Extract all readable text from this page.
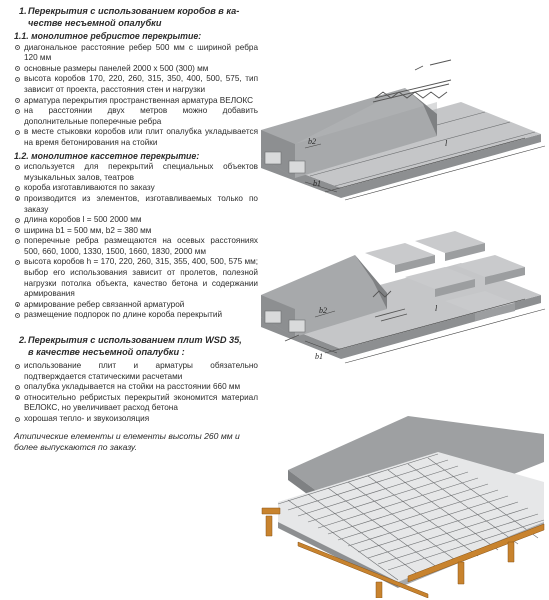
1.Перекрытия с использованием коробов в ка-
честве несъемной опалубки
1.1. монолитное ребристое перекрытие:
диагональное расстояние ребер 500 мм с шириной ребра 120 мм
основные размеры панелей 2000 х 500 (300) мм
высота коробов 170, 220, 260, 315, 350, 400, 500, 575, тип зависит от проекта, расстояния стен и нагрузки
арматура перекрытия пространственная арматура ВЕЛОКС
на расстоянии двух метров можно добавить дополнительные поперечные ребра
в месте стыковки коробов или плит опалубка укладывается на время бетонирования на стойки
1.2. монолитное кассетное перекрытие:
используется для перекрытий специальных объектов музыкальных залов, театров
короба изготавливаются по заказу
производится из элементов, изготавливаемых только по заказу
длина коробов l = 500 2000 мм
ширина b1 = 500 мм, b2 = 380 мм
поперечные ребра размещаются на осевых расстояниях 500, 660, 1000, 1330, 1500, 1660, 1830, 2000 мм
высота коробов h = 170, 220, 260, 315, 355, 400, 500, 575 мм; выбор его использования зависит от пролетов, полезной нагрузки потолка объекта, качество бетона и содержании армирования
армирование ребер связанной арматурой
размещение подпорок по длине короба перекрытий
2.Перекрытия с использованием плит WSD 35,
в качестве несъемной опалубки :
использование плит и арматуры обязательно подтверждается статическими расчетами
опалубка укладывается на стойки на расстоянии 660 мм
относительно ребристых перекрытий экономится материал ВЕЛОКС, но увеличивает расход бетона
хорошая тепло- и звукоизоляция
Атипические елементы и елементы высоты 260 мм и более выпускаются по заказу.
b2
b1
l
b2
b1
l
